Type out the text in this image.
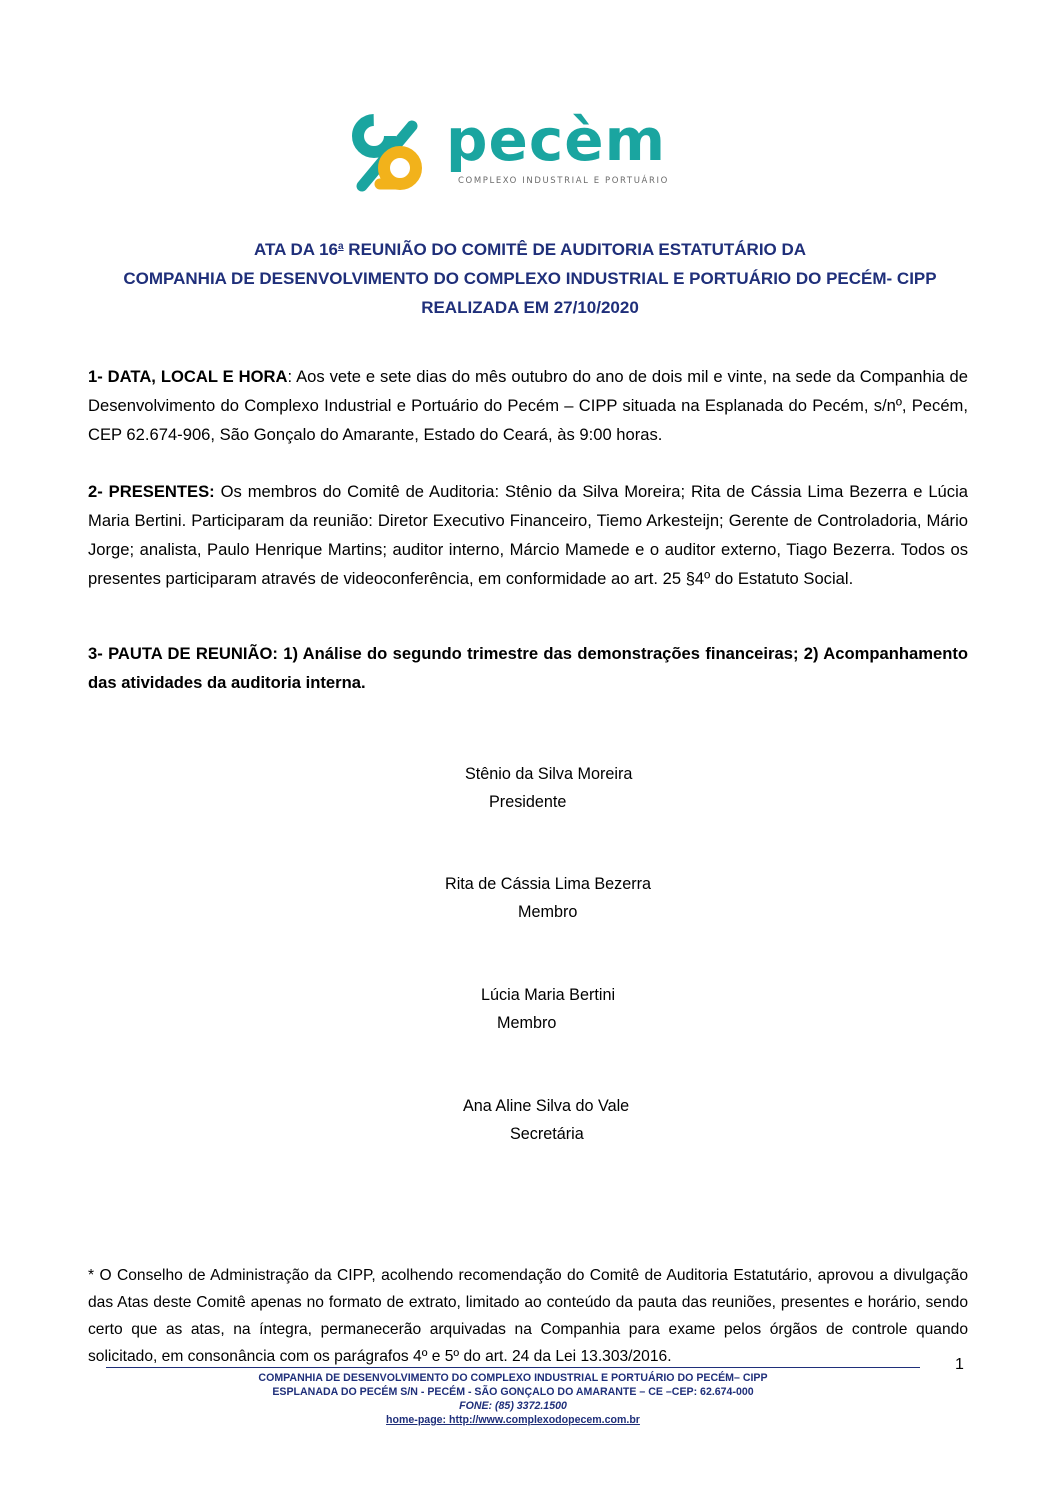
pecèm
COMPLEXO INDUSTRIAL E PORTUÁRIO
ATA DA 16$^a$ REUNIÃO DO COMITÊ DE AUDITORIA ESTATUTÁRIO DA
COMPANHIA DE DESENVOLVIMENTO DO COMPLEXO INDUSTRIAL E PORTUÁRIO DO PECÉM- CIPP
REALIZADA EM 27/10/2020
1- DATA, LOCAL E HORA: Aos vete e sete dias do mês outubro do ano de dois mil e vinte, na sede da Companhia de Desenvolvimento do Complexo Industrial e Portuário do Pecém – CIPP situada na Esplanada do Pecém, s/nº, Pecém, CEP 62.674-906, São Gonçalo do Amarante, Estado do Ceará, às 9:00 horas.
2- PRESENTES: Os membros do Comitê de Auditoria: Stênio da Silva Moreira; Rita de Cássia Lima Bezerra e Lúcia Maria Bertini. Participaram da reunião: Diretor Executivo Financeiro, Tiemo Arkesteijn; Gerente de Controladoria, Mário Jorge; analista, Paulo Henrique Martins; auditor interno, Márcio Mamede e o auditor externo, Tiago Bezerra. Todos os presentes participaram através de videoconferência, em conformidade ao art. 25 §4º do Estatuto Social.
3- PAUTA DE REUNIÃO: 1) Análise do segundo trimestre das demonstrações financeiras; 2) Acompanhamento das atividades da auditoria interna.
Stênio da Silva Moreira
Presidente
Rita de Cássia Lima Bezerra
Membro
Lúcia Maria Bertini
Membro
Ana Aline Silva do Vale
Secretária
* O Conselho de Administração da CIPP, acolhendo recomendação do Comitê de Auditoria Estatutário, aprovou a divulgação das Atas deste Comitê apenas no formato de extrato, limitado ao conteúdo da pauta das reuniões, presentes e horário, sendo certo que as atas, na íntegra, permanecerão arquivadas na Companhia para exame pelos órgãos de controle quando solicitado, em consonância com os parágrafos 4º e 5º do art. 24 da Lei 13.303/2016.	1
COMPANHIA DE DESENVOLVIMENTO DO COMPLEXO INDUSTRIAL E PORTUÁRIO DO PECÉM– CIPP
ESPLANADA DO PECÉM S/N - PECÉM - SÃO GONÇALO DO AMARANTE – CE –CEP: 62.674-000
FONE: (85) 3372.1500
home-page: http://www.complexodopecem.com.br
